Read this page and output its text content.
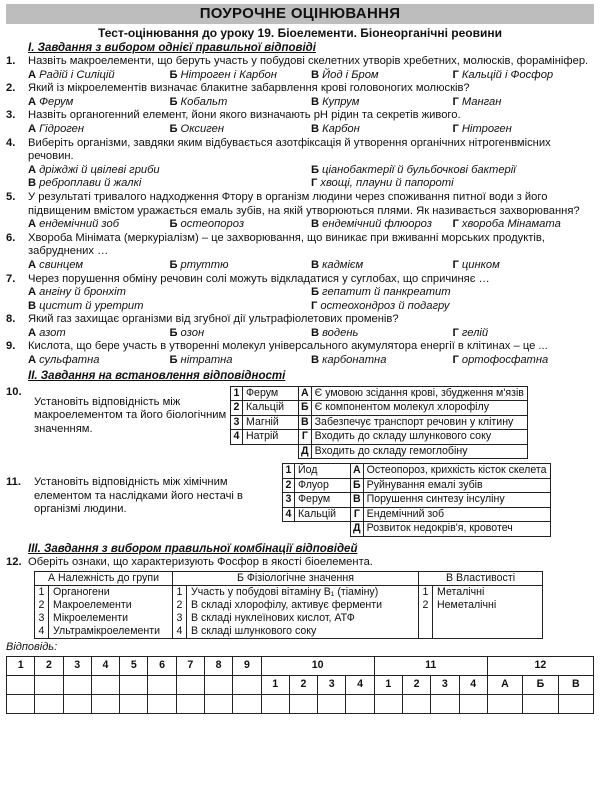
ПОУРОЧНЕ ОЦІНЮВАННЯ
Тест-оцінювання до уроку 19. Біоелементи. Біонеорганічні реовини
I. Завдання з вибором однієї правильної відповіді
1.	Назвіть макроелементи, що беруть участь у побудові скелетних утворів хребетних, молюсків, форамініфер.
А Радій і Силіцій	Б Нітроген і Карбон	В Йод і Бром	Г Кальцій і Фосфор
2.	Який із мікроелементів визначає блакитне забарвлення крові головоногих молюсків?
А Ферум	Б Кобальт	В Купрум	Г Манган
3.	Назвіть органогенний елемент, йони якого визначають pH рідин та секретів живого.
А Гідроген	Б Оксиген	В Карбон	Г Нітроген
4.	Виберіть організми, завдяки яким відбувається азотфіксація й утворення органічних нітрогенвмісних речовин.
А дріжджі й цвілеві гриби	Б ціанобактерії й бульбочкові бактерії
В реброплави й жалкі	Г хвощі, плауни й папороті
5.	У результаті тривалого надходження Фтору в організм людини через споживання питної води з його підвищеним вмістом уражається емаль зубів, на якій утворюються плями. Як називається захворювання?
А ендемічний зоб	Б остеопороз	В ендемічний флюороз	Г хвороба Мінамата
6.	Хвороба Мінімата (меркуріалізм) – це захворювання, що виникає при вживанні морських продуктів, забруднених …
А свинцем	Б ртуттю	В кадмієм	Г цинком
7.	Через порушення обміну речовин солі можуть відкладатися у суглобах, що спричиняє …
А ангіну й бронхіт	Б гепатит й панкреатит
В цистит й уретрит	Г остеохондроз й подагру
8.	Який газ захищає організми від згубної дії ультрафіолетових променів?
А азот	Б озон	В водень	Г гелій
9.	Кислота, що бере участь в утворенні молекул універсального акумулятора енергії в клітинах – це ...
А сульфатна	Б нітратна	В карбонатна	Г ортофосфатна
II. Завдання на встановлення відповідності
10.
Установіть відповідність між макроелементом та його біологічним значенням.
1	Ферум	А	Є умовою зсідання крові, збудження м'язів
2	Кальцій	Б	Є компонентом молекул хлорофілу
3	Магній	В	Забезпечує транспорт речовин у клітину
4	Натрій	Г	Входить до складу шлункового соку
		Д	Входить до складу гемоглобіну
11.	Установіть відповідність між хімічним елементом та наслідками його нестачі в організмі людини.
1	Йод	А	Остеопороз, крихкість кісток скелета
2	Флуор	Б	Руйнування емалі зубів
3	Ферум	В	Порушення синтезу інсуліну
4	Кальцій	Г	Ендемічний зоб
		Д	Розвиток недокрів'я, кровотеч
III. Завдання з вибором правильної комбінації відповідей
12. Оберіть ознаки, що характеризують Фосфор в якості біоелемента.
А Належність до групи		Б Фізіологічне значення		В Властивості	
1	Органогени	1	Участь у побудові вітаміну B₁ (тіаміну)	1	Металічні
2	Макроелементи	2	В складі хлорофілу, активує ферменти	2	Неметалічні
3	Мікроелементи	3	В складі нуклеїнових кислот, АТФ		
4	Ультрамікроелементи	4	В складі шлункового соку		
Відповідь:
1	2	3	4	5	6	7	8	9	10				11				12		
									1	2	3	4	1	2	3	4	А	Б	В
